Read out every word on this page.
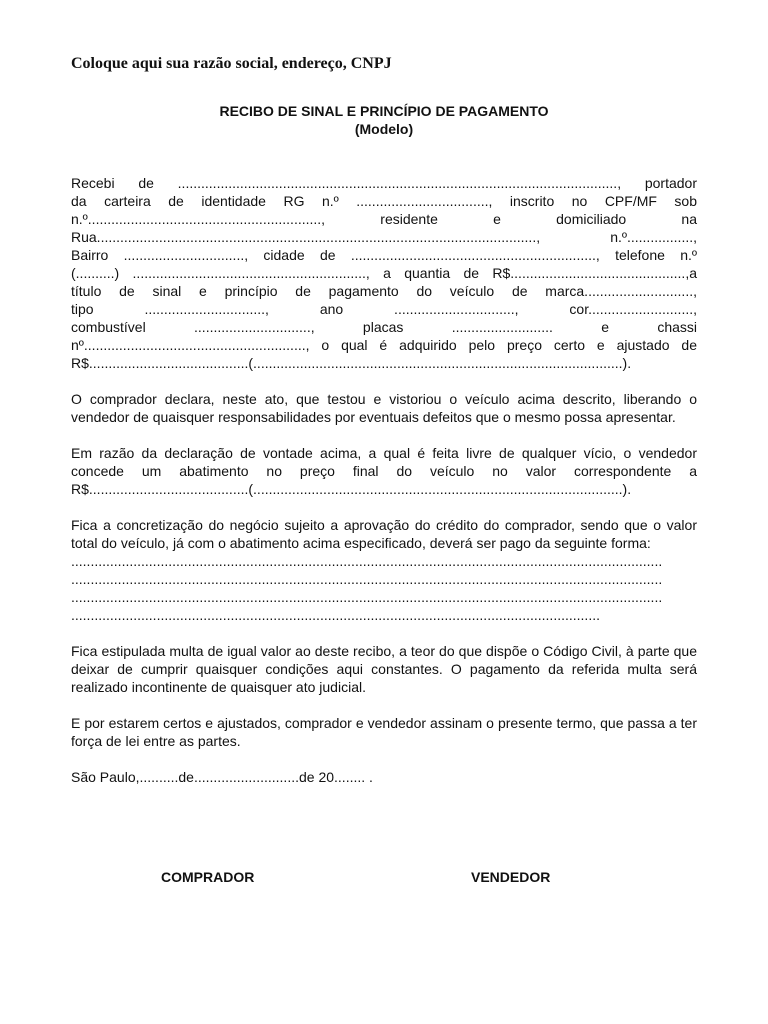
Coloque aqui sua razão social, endereço, CNPJ
RECIBO DE SINAL E PRINCÍPIO DE PAGAMENTO
(Modelo)

Recebi de ................................................................................................................., portador
da carteira de identidade RG n.º .................................., inscrito no CPF/MF sob
n.º............................................................, residente e domiciliado na
Rua................................................................................................................., n.º.................,
Bairro ..............................., cidade de ..............................................................., telefone n.º
(..........) ............................................................, a quantia de R$.............................................,a
título de sinal e princípio de pagamento do veículo de marca............................,
tipo ..............................., ano ..............................., cor...........................,
combustível .............................., placas .......................... e chassi
nº........................................................., o qual é adquirido pelo preço certo e ajustado de
R$.........................................(...............................................................................................).

O comprador declara, neste ato, que testou e vistoriou o veículo acima descrito, liberando o vendedor de quaisquer responsabilidades por eventuais defeitos que o mesmo possa apresentar.

Em razão da declaração de vontade acima, a qual é feita livre de qualquer vício, o vendedor
concede um abatimento no preço final do veículo no valor correspondente a
R$.........................................(...............................................................................................).

Fica a concretização do negócio sujeito a aprovação do crédito do comprador, sendo que o valor total do veículo, já com o abatimento acima especificado, deverá ser pago da seguinte forma:
........................................................................................................................................................
........................................................................................................................................................
........................................................................................................................................................
........................................................................................................................................

Fica estipulada multa de igual valor ao deste recibo, a teor do que dispõe o Código Civil, à parte que deixar de cumprir quaisquer condições aqui constantes. O pagamento da referida multa será realizado incontinente de quaisquer ato judicial.

E por estarem certos e ajustados, comprador e vendedor assinam o presente termo, que passa a ter força de lei entre as partes.

São Paulo,..........de...........................de 20........ .

COMPRADOR	VENDEDOR
